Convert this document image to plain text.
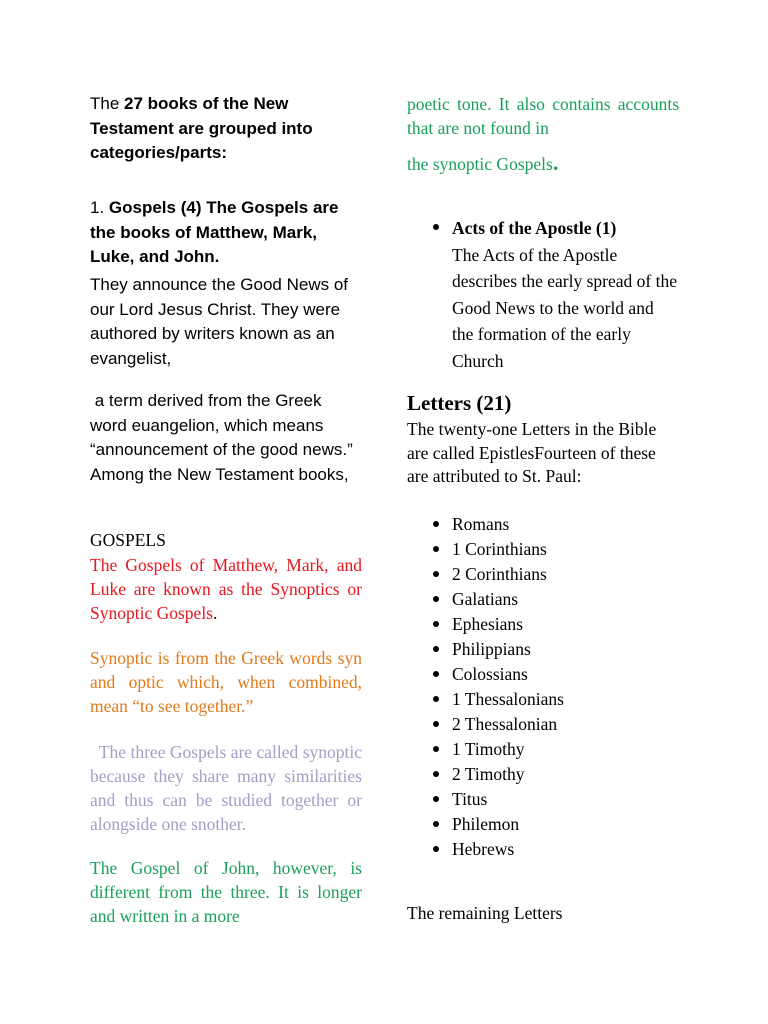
The 27 books of the New Testament are grouped into categories/parts:

1. Gospels (4) The Gospels are the books of Matthew, Mark, Luke, and John.

They announce the Good News of our Lord Jesus Christ. They were authored by writers known as an evangelist,

a term derived from the Greek word euangelion, which means “announcement of the good news.” Among the New Testament books,

GOSPELS

The Gospels of Matthew, Mark, and Luke are known as the Synoptics or Synoptic Gospels.

Synoptic is from the Greek words syn and optic which, when combined, mean “to see together.”

The three Gospels are called synoptic because they share many similarities and thus can be studied together or alongside one snother.

The Gospel of John, however, is different from the three. It is longer and written in a more

poetic tone. It also contains accounts that are not found in

the synoptic Gospels.

Acts of the Apostle (1)
The Acts of the Apostle describes the early spread of the Good News to the world and the formation of the early Church

Letters (21)

The twenty-one Letters in the Bible are called EpistlesFourteen of these are attributed to St. Paul:

Romans
1 Corinthians
2 Corinthians
Galatians
Ephesians
Philippians
Colossians
1 Thessalonians
2 Thessalonian
1 Timothy
2 Timothy
Titus
Philemon
Hebrews

The remaining Letters
